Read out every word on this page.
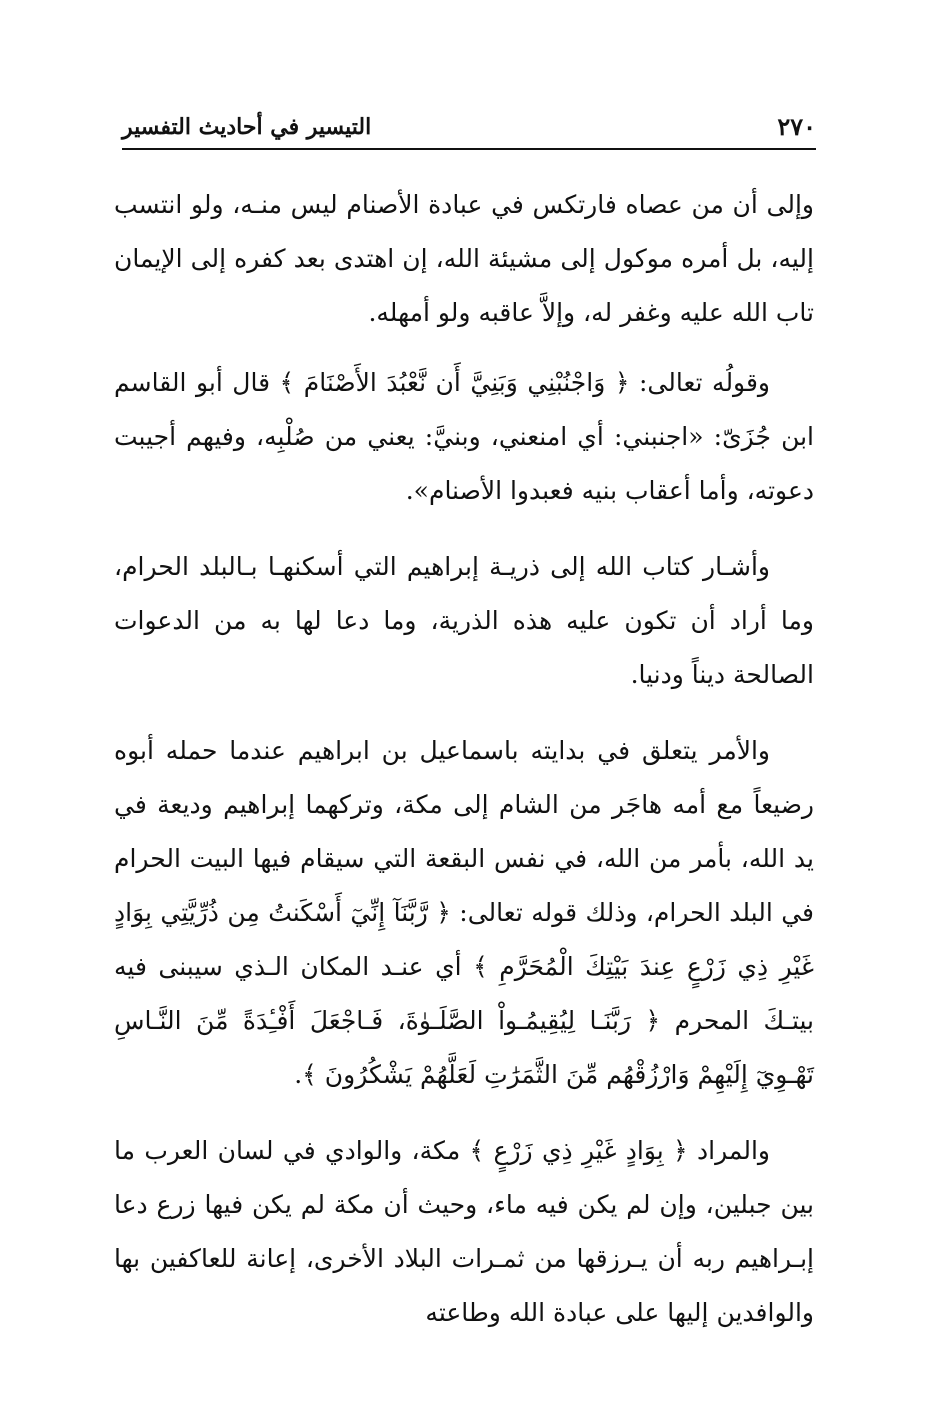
التيسير في أحاديث التفسير	٢٧٠

وإلى أن من عصاه فارتكس في عبادة الأصنام ليس منـه، ولو انتسب إليه، بل أمره موكول إلى مشيئة الله، إن اهتدى بعد كفره إلى الإيمان تاب الله عليه وغفر له، وإلاَّ عاقبه ولو أمهله.

وقولُه تعالى: ﴿ وَاجْنُبْنِي وَبَنِيَّ أَن نَّعْبُدَ الأَصْنَامَ ﴾ قال أبو القاسم ابن جُزَىّ: «اجنبني: أي امنعني، وبنيَّ: يعني من صُلْبِه، وفيهم أجيبت دعوته، وأما أعقاب بنيه فعبدوا الأصنام».

وأشـار كتاب الله إلى ذريـة إبراهيم التي أسكنهـا بـالبلد الحرام، وما أراد أن تكون عليه هذه الذرية، وما دعا لها به من الدعوات الصالحة ديناً ودنيا.

والأمر يتعلق في بدايته باسماعيل بن ابراهيم عندما حمله أبوه رضيعاً مع أمه هاجَر من الشام إلى مكة، وتركهما إبراهيم وديعة في يد الله، بأمر من الله، في نفس البقعة التي سيقام فيها البيت الحرام في البلد الحرام، وذلك قوله تعالى: ﴿ رَّبَّنَآ إِنِّيٓ أَسْكَنتُ مِن ذُرِّيَّتِي بِوَادٍ غَيْرِ ذِي زَرْعٍ عِندَ بَيْتِكَ الْمُحَرَّمِ ﴾ أي عنـد المكان الـذي سيبنى فيه بيتـكَ المحرم ﴿ رَبَّنَـا لِيُقِيمُـواْ الصَّلَـوٰةَ، فَـاجْعَلَ أَفْـِٔدَةً مِّنَ النَّـاسِ تَهْـوِيٓ إِلَيْهِمْ وَارْزُقْهُم مِّنَ الثَّمَرَٰتِ لَعَلَّهُمْ يَشْكُرُونَ ﴾.

والمراد ﴿ بِوَادٍ غَيْرِ ذِي زَرْعٍ ﴾ مكة، والوادي في لسان العرب ما بين جبلين، وإن لم يكن فيه ماء، وحيث أن مكة لم يكن فيها زرع دعا إبـراهيم ربه أن يـرزقها من ثمـرات البلاد الأخرى، إعانة للعاكفين بها والوافدين إليها على عبادة الله وطاعته
